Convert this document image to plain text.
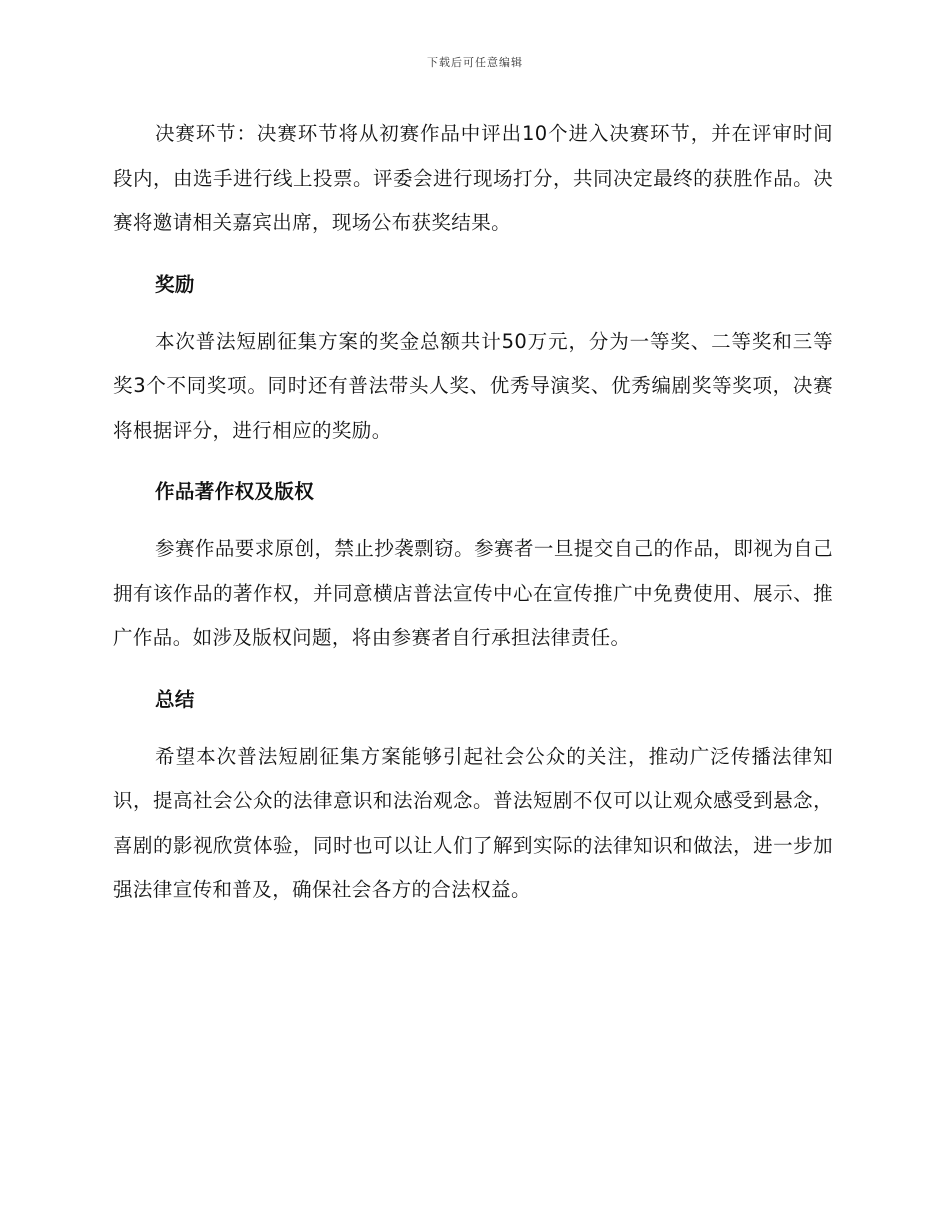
下载后可任意编辑

决赛环节：决赛环节将从初赛作品中评出10个进入决赛环节，并在评审时间段内，由选手进行线上投票。评委会进行现场打分，共同决定最终的获胜作品。决赛将邀请相关嘉宾出席，现场公布获奖结果。

奖励

本次普法短剧征集方案的奖金总额共计50万元，分为一等奖、二等奖和三等奖3个不同奖项。同时还有普法带头人奖、优秀导演奖、优秀编剧奖等奖项，决赛将根据评分，进行相应的奖励。

作品著作权及版权

参赛作品要求原创，禁止抄袭剽窃。参赛者一旦提交自己的作品，即视为自己拥有该作品的著作权，并同意横店普法宣传中心在宣传推广中免费使用、展示、推广作品。如涉及版权问题，将由参赛者自行承担法律责任。

总结

希望本次普法短剧征集方案能够引起社会公众的关注，推动广泛传播法律知识，提高社会公众的法律意识和法治观念。普法短剧不仅可以让观众感受到悬念，喜剧的影视欣赏体验，同时也可以让人们了解到实际的法律知识和做法，进一步加强法律宣传和普及，确保社会各方的合法权益。
